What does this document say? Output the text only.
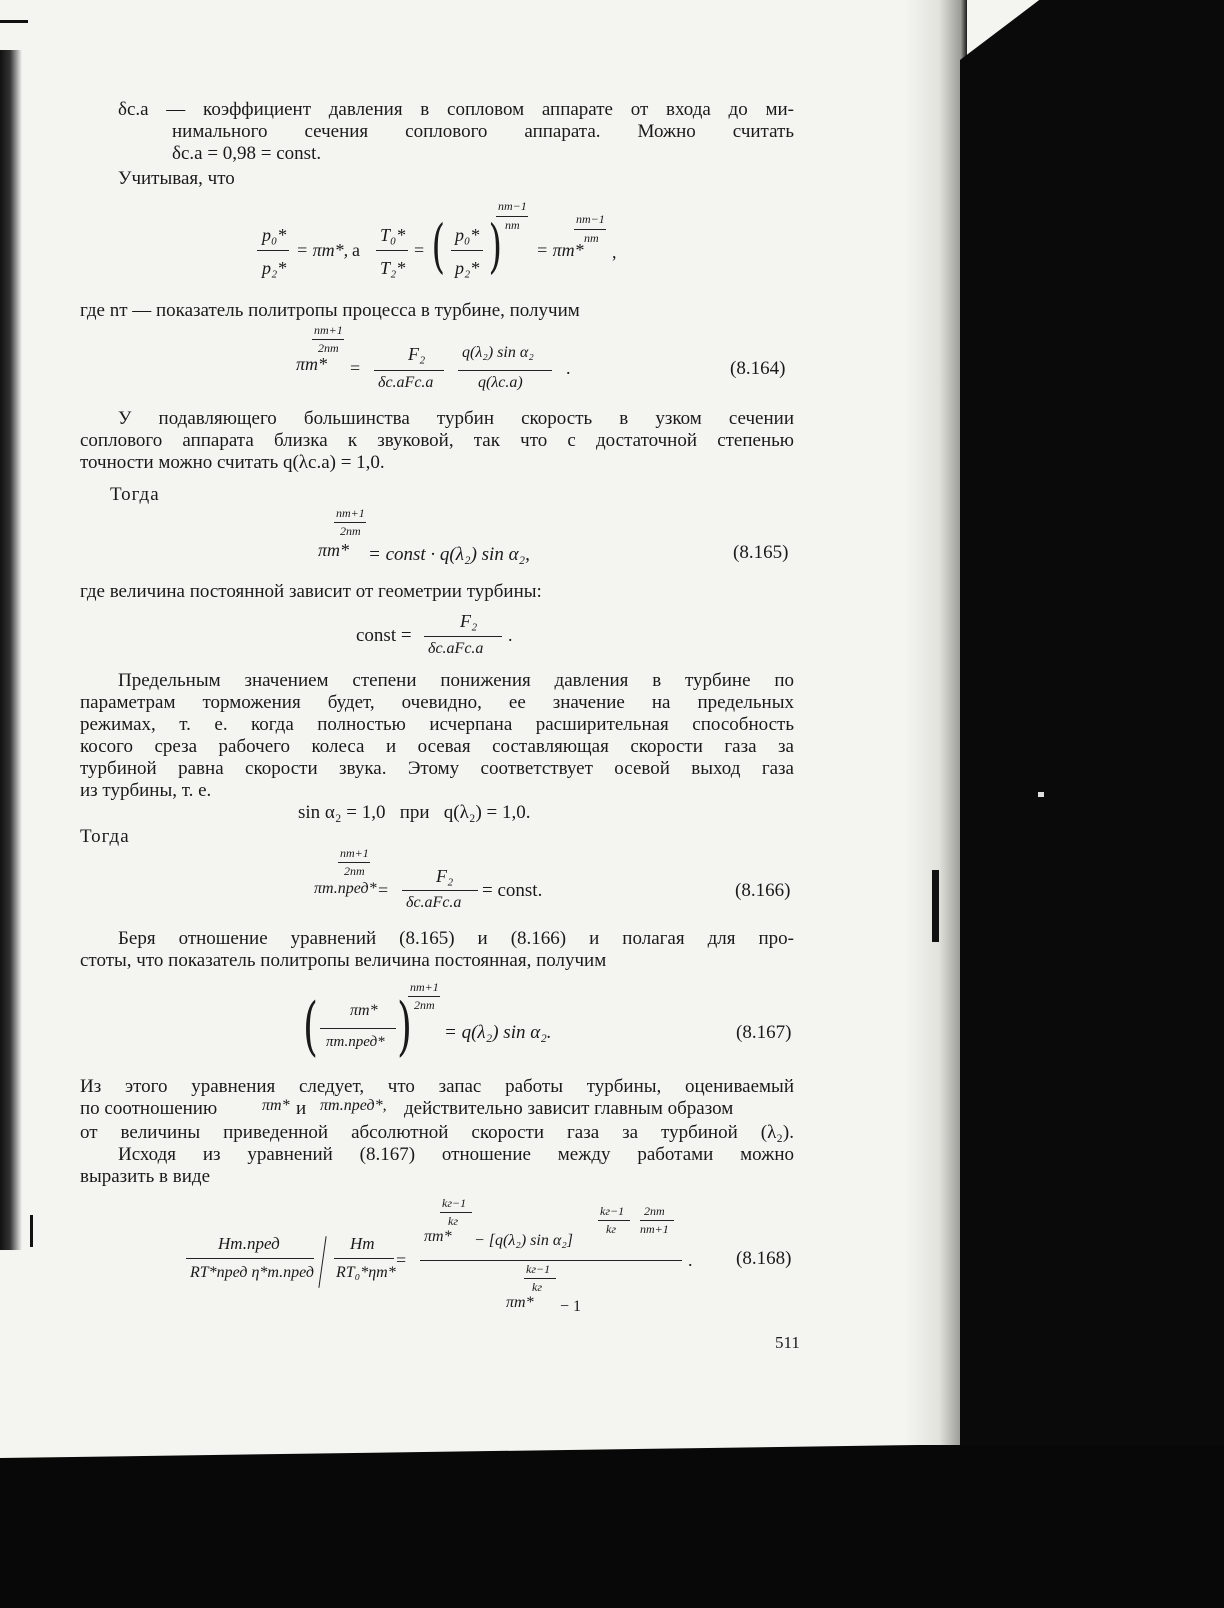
δс.а — коэффициент давления в сопловом аппарате от входа до ми-
нимального сечения соплового аппарата. Можно считать
δс.а = 0,98 = const.
Учитывая, что
p₀*
p₂*
= πт*, а
T₀*
T₂*
= ( p₀*
p₂* )
nт−1
nт
= πт*
nт−1
nт
,
где nт — показатель политропы процесса в турбине, получим
nт+1
2nт
πт* =
F₂
δс.аFс.а
q(λ₂) sin α₂
q(λс.а)
.	(8.164)
У подавляющего большинства турбин скорость в узком сечении
соплового аппарата близка к звуковой, так что с достаточной степенью
точности можно считать q(λс.а) = 1,0.
Тогда
nт+1
2nт
πт* = const · q(λ₂) sin α₂,	(8.165)
где величина постоянной зависит от геометрии турбины:
const =
F₂
δс.аFс.а
.
Предельным значением степени понижения давления в турбине по
параметрам торможения будет, очевидно, ее значение на предельных
режимах, т. е. когда полностью исчерпана расширительная способность
косого среза рабочего колеса и осевая составляющая скорости газа за
турбиной равна скорости звука. Этому соответствует осевой выход газа
из турбины, т. е.
sin α₂ = 1,0   при   q(λ₂) = 1,0.
Тогда
nт+1
2nт
πт.пред* =
F₂
δс.аFс.а
= const.	(8.166)
Беря отношение уравнений (8.165) и (8.166) и полагая для про-
стоты, что показатель политропы величина постоянная, получим
( πт*
πт.пред* )
nт+1
2nт
= q(λ₂) sin α₂.	(8.167)
Из этого уравнения следует, что запас работы турбины, оцениваемый
по соотношению	πт* и πт.пред*, действительно зависит главным образом
от величины приведенной абсолютной скорости газа за турбиной (λ₂).
Исходя из уравнений (8.167) отношение между работами можно
выразить в виде
Hт.пред
RT*пред η*т.пред
Hт
RT₀*ηт*
=
kг−1
kг
πт* − [q(λ₂) sin α₂]
kг−1
kг
2nт
nт+1
kг−1
kг
πт* − 1
. (8.168)
511
